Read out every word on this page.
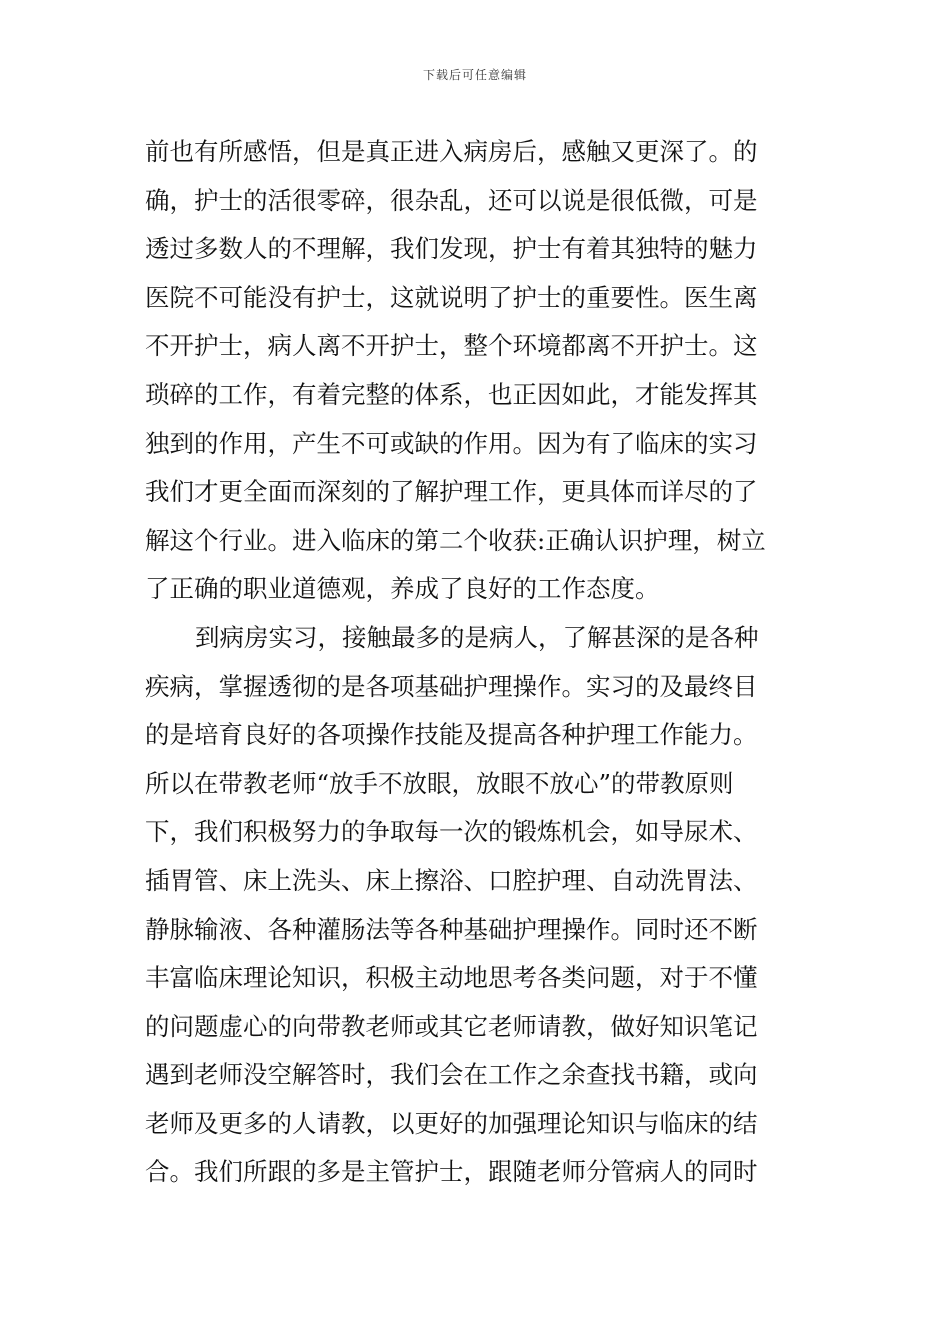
下载后可任意编辑
前也有所感悟，但是真正进入病房后，感触又更深了。的
确，护士的活很零碎，很杂乱，还可以说是很低微，可是
透过多数人的不理解，我们发现，护士有着其独特的魅力
医院不可能没有护士，这就说明了护士的重要性。医生离
不开护士，病人离不开护士，整个环境都离不开护士。这
琐碎的工作，有着完整的体系，也正因如此，才能发挥其
独到的作用，产生不可或缺的作用。因为有了临床的实习
我们才更全面而深刻的了解护理工作，更具体而详尽的了
解这个行业。进入临床的第二个收获:正确认识护理，树立
了正确的职业道德观，养成了良好的工作态度。
到病房实习，接触最多的是病人，了解甚深的是各种
疾病，掌握透彻的是各项基础护理操作。实习的及最终目
的是培育良好的各项操作技能及提高各种护理工作能力。
所以在带教老师“放手不放眼，放眼不放心”的带教原则
下，我们积极努力的争取每一次的锻炼机会，如导尿术、
插胃管、床上洗头、床上擦浴、口腔护理、自动洗胃法、
静脉输液、各种灌肠法等各种基础护理操作。同时还不断
丰富临床理论知识，积极主动地思考各类问题，对于不懂
的问题虚心的向带教老师或其它老师请教，做好知识笔记
遇到老师没空解答时，我们会在工作之余查找书籍，或向
老师及更多的人请教，以更好的加强理论知识与临床的结
合。我们所跟的多是主管护士，跟随老师分管病人的同时
